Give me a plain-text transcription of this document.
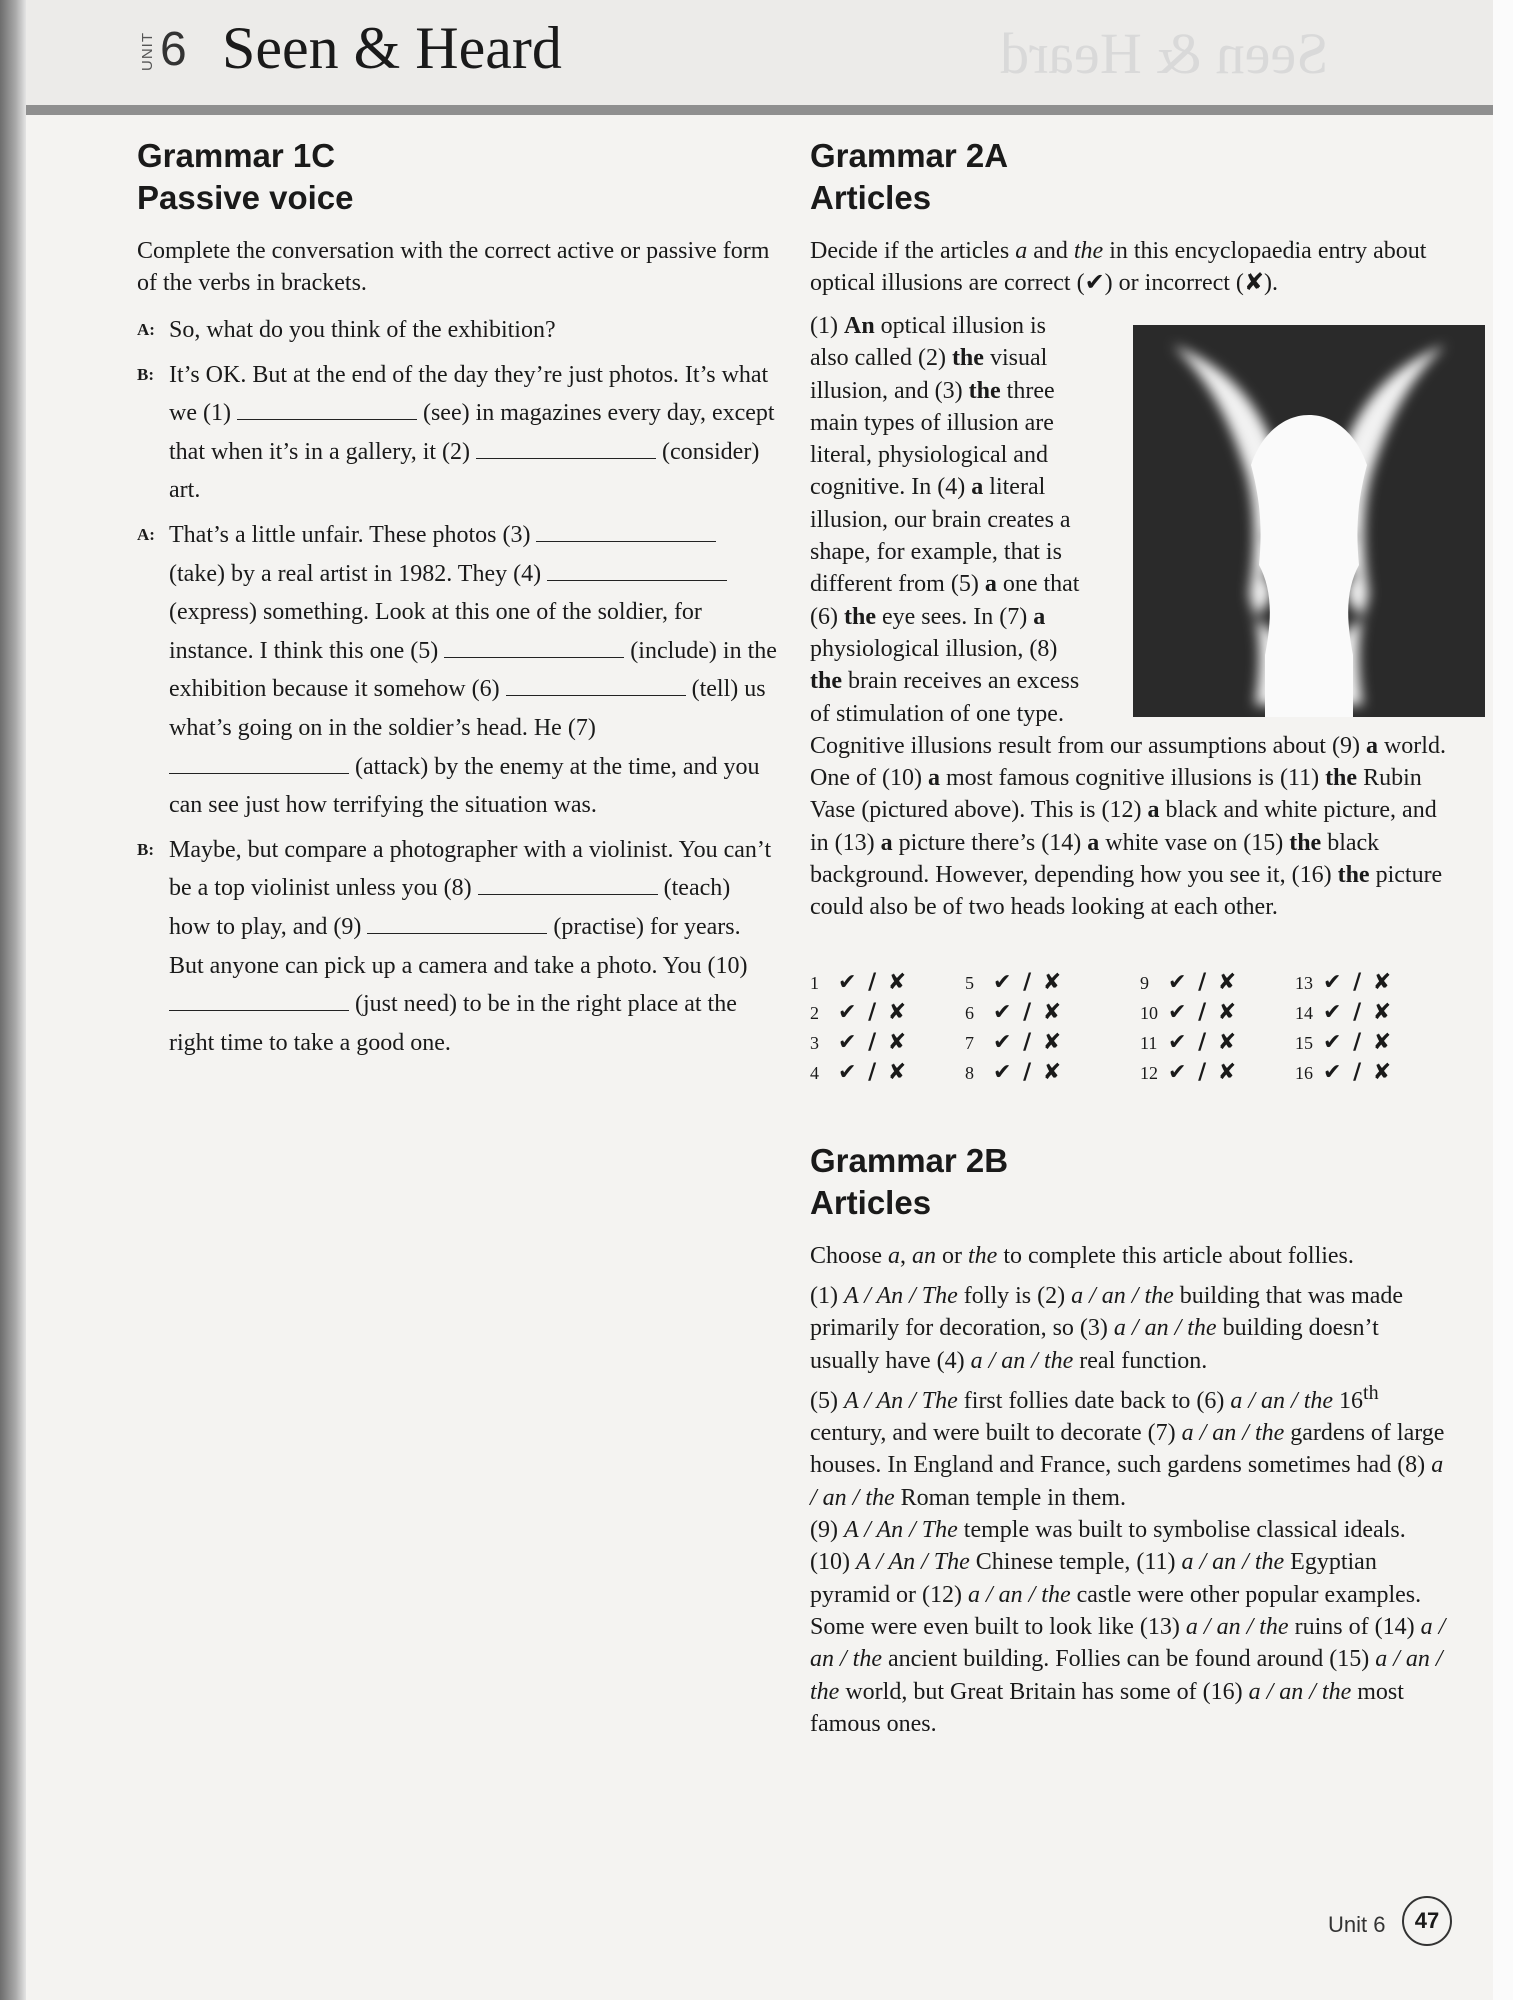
UNIT 6 Seen & Heard	Seen & Heard
Grammar 1C
Passive voice
Complete the conversation with the correct active or passive form of the verbs in brackets.
A: So, what do you think of the exhibition?
B: It’s OK. But at the end of the day they’re just photos. It’s what we (1)	(see) in magazines every day, except that when it’s in a gallery, it (2)	(consider) art.
A: That’s a little unfair. These photos (3)  (take) by a real artist in 1982. They (4)  (express) something. Look at this one of the soldier, for instance. I think this one (5)	(include) in the exhibition because it somehow (6)	(tell) us what’s going on in the soldier’s head. He (7)  (attack) by the enemy at the time, and you can see just how terrifying the situation was.
B: Maybe, but compare a photographer with a violinist. You can’t be a top violinist unless you (8)	(teach) how to play, and (9)	(practise) for years. But anyone can pick up a camera and take a photo. You (10)  (just need) to be in the right place at the right time to take a good one.
Grammar 2A
Articles
Decide if the articles a and the in this encyclopaedia entry about optical illusions are correct (✔) or incorrect (✘).
(1) An optical illusion is also called (2) the visual illusion, and (3) the three main types of illusion are literal, physiological and cognitive. In (4) a literal illusion, our brain creates a shape, for example, that is different from (5) a one that (6) the eye sees. In (7) a physiological illusion, (8) the brain receives an excess of stimulation of one type. Cognitive illusions result from our assumptions about (9) a world. One of (10) a most famous cognitive illusions is (11) the Rubin Vase (pictured above). This is (12) a black and white picture, and in (13) a picture there’s (14) a white vase on (15) the black background. However, depending how you see it, (16) the picture could also be of two heads looking at each other.
1 ✔ / ✘
2 ✔ / ✘
3 ✔ / ✘
4 ✔ / ✘
5 ✔ / ✘
6 ✔ / ✘
7 ✔ / ✘
8 ✔ / ✘
9 ✔ / ✘
10 ✔ / ✘
11 ✔ / ✘
12 ✔ / ✘
13 ✔ / ✘
14 ✔ / ✘
15 ✔ / ✘
16 ✔ / ✘
Grammar 2B
Articles
Choose a, an or the to complete this article about follies.
(1) A / An / The folly is (2) a / an / the building that was made primarily for decoration, so (3) a / an / the building doesn’t usually have (4) a / an / the real function.
(5) A / An / The first follies date back to (6) a / an / the 16th century, and were built to decorate (7) a / an / the gardens of large houses. In England and France, such gardens sometimes had (8) a / an / the Roman temple in them.
(9) A / An / The temple was built to symbolise classical ideals. (10) A / An / The Chinese temple, (11) a / an / the Egyptian pyramid or (12) a / an / the castle were other popular examples. Some were even built to look like (13) a / an / the ruins of (14) a / an / the ancient building. Follies can be found around (15) a / an / the world, but Great Britain has some of (16) a / an / the most famous ones.
Unit 6	47
